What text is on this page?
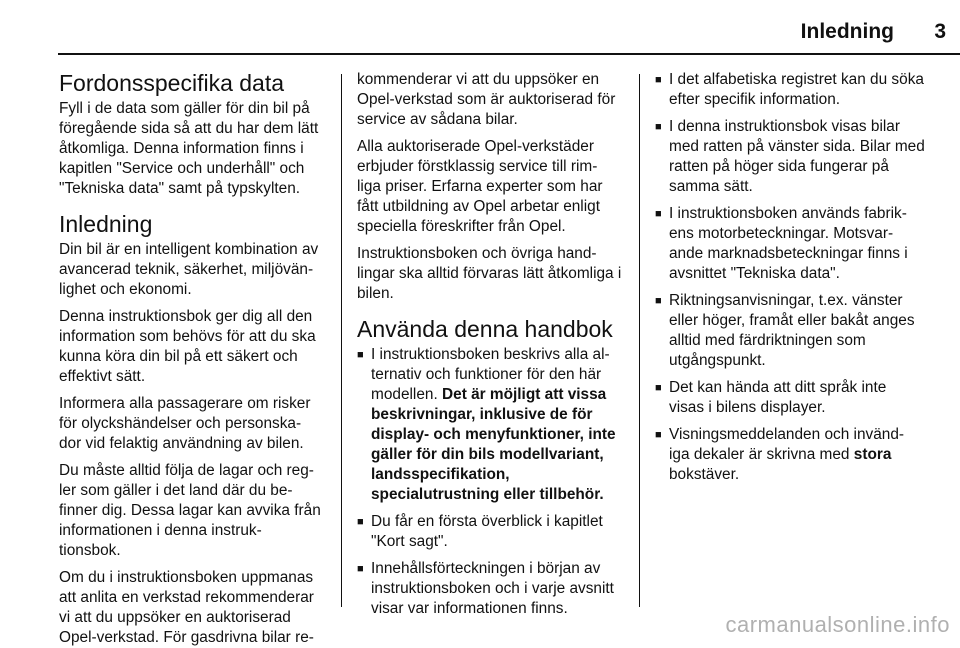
Inledning 3
Fordonsspecifika data

Fyll i de data som gäller för din bil på föregående sida så att du har dem lätt åtkomliga. Denna information finns i kapitlen "Service och underhåll" och "Tekniska data" samt på typskylten.

Inledning

Din bil är en intelligent kombination av avancerad teknik, säkerhet, miljövän- lighet och ekonomi.

Denna instruktionsbok ger dig all den information som behövs för att du ska kunna köra din bil på ett säkert och effektivt sätt.

Informera alla passagerare om risker för olyckshändelser och personska- dor vid felaktig användning av bilen.

Du måste alltid följa de lagar och reg- ler som gäller i det land där du be- finner dig. Dessa lagar kan avvika från informationen i denna instruk- tionsbok.

Om du i instruktionsboken uppmanas att anlita en verkstad rekommenderar vi att du uppsöker en auktoriserad Opel-verkstad. För gasdrivna bilar re-

kommenderar vi att du uppsöker en Opel-verkstad som är auktoriserad för service av sådana bilar.

Alla auktoriserade Opel-verkstäder erbjuder förstklassig service till rim- liga priser. Erfarna experter som har fått utbildning av Opel arbetar enligt speciella föreskrifter från Opel.

Instruktionsboken och övriga hand- lingar ska alltid förvaras lätt åtkomliga i bilen.

Använda denna handbok
■ I instruktionsboken beskrivs alla al- ternativ och funktioner för den här modellen. Det är möjligt att vissa beskrivningar, inklusive de för display- och menyfunktioner, inte gäller för din bils modellvariant, landsspecifikation, specialutrustning eller tillbehör.
■ Du får en första överblick i kapitlet "Kort sagt".
■ Innehållsförteckningen i början av instruktionsboken och i varje avsnitt visar var informationen finns.
■ I det alfabetiska registret kan du söka efter specifik information.
■ I denna instruktionsbok visas bilar med ratten på vänster sida. Bilar med ratten på höger sida fungerar på samma sätt.
■ I instruktionsboken används fabrik- ens motorbeteckningar. Motsvar- ande marknadsbeteckningar finns i avsnittet "Tekniska data".
■ Riktningsanvisningar, t.ex. vänster eller höger, framåt eller bakåt anges alltid med färdriktningen som utgångspunkt.
■ Det kan hända att ditt språk inte visas i bilens displayer.
■ Visningsmeddelanden och invänd- iga dekaler är skrivna med stora bokstäver.
carmanualsonline.info
